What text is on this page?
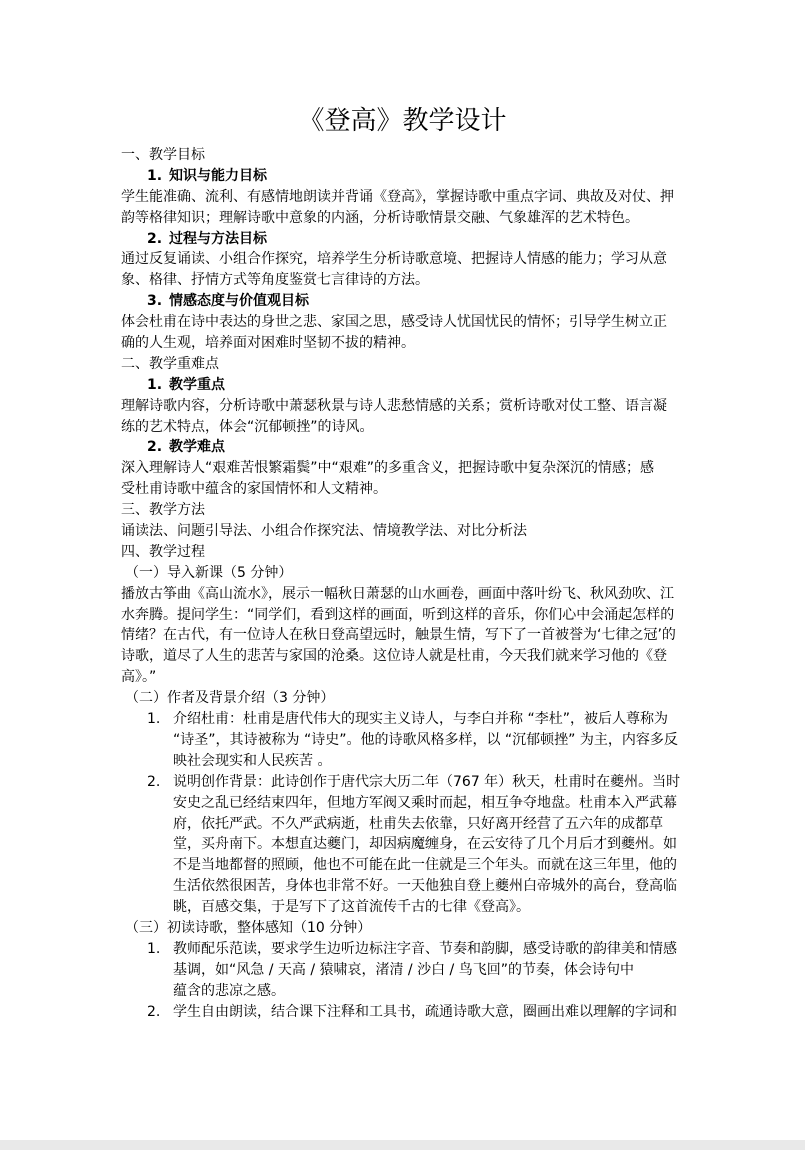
《登高》教学设计
一、教学目标
1. 知识与能力目标
学生能准确、流利、有感情地朗读并背诵《登高》，掌握诗歌中重点字词、典故及对仗、押
韵等格律知识；理解诗歌中意象的内涵，分析诗歌情景交融、气象雄浑的艺术特色。
2. 过程与方法目标
通过反复诵读、小组合作探究，培养学生分析诗歌意境、把握诗人情感的能力；学习从意
象、格律、抒情方式等角度鉴赏七言律诗的方法。
3. 情感态度与价值观目标
体会杜甫在诗中表达的身世之悲、家国之思，感受诗人忧国忧民的情怀；引导学生树立正
确的人生观，培养面对困难时坚韧不拔的精神。
二、教学重难点
1. 教学重点
理解诗歌内容，分析诗歌中萧瑟秋景与诗人悲愁情感的关系；赏析诗歌对仗工整、语言凝
练的艺术特点，体会“沉郁顿挫”的诗风。
2. 教学难点
深入理解诗人“艰难苦恨繁霜鬓”中“艰难”的多重含义，把握诗歌中复杂深沉的情感；感
受杜甫诗歌中蕴含的家国情怀和人文精神。
三、教学方法
诵读法、问题引导法、小组合作探究法、情境教学法、对比分析法
四、教学过程
（一）导入新课（5 分钟）
播放古筝曲《高山流水》，展示一幅秋日萧瑟的山水画卷，画面中落叶纷飞、秋风劲吹、江
水奔腾。提问学生：“同学们，看到这样的画面，听到这样的音乐，你们心中会涌起怎样的
情绪？在古代，有一位诗人在秋日登高望远时，触景生情，写下了一首被誉为‘七律之冠’的
诗歌，道尽了人生的悲苦与家国的沧桑。这位诗人就是杜甫，今天我们就来学习他的《登
高》。”
（二）作者及背景介绍（3 分钟）
1. 介绍杜甫：杜甫是唐代伟大的现实主义诗人，与李白并称 “李杜”，被后人尊称为
“诗圣”，其诗被称为 “诗史”。他的诗歌风格多样，以 “沉郁顿挫” 为主，内容多反
映社会现实和人民疾苦 。
2. 说明创作背景：此诗创作于唐代宗大历二年（767 年）秋天，杜甫时在夔州。当时
安史之乱已经结束四年，但地方军阀又乘时而起，相互争夺地盘。杜甫本入严武幕
府，依托严武。不久严武病逝，杜甫失去依靠，只好离开经营了五六年的成都草
堂，买舟南下。本想直达夔门，却因病魔缠身，在云安待了几个月后才到夔州。如
不是当地都督的照顾，他也不可能在此一住就是三个年头。而就在这三年里，他的
生活依然很困苦，身体也非常不好。一天他独自登上夔州白帝城外的高台，登高临
眺，百感交集，于是写下了这首流传千古的七律《登高》。
（三）初读诗歌，整体感知（10 分钟）
1. 教师配乐范读，要求学生边听边标注字音、节奏和韵脚，感受诗歌的韵律美和情感
基调，如“风急 / 天高 / 猿啸哀，渚清 / 沙白 / 鸟飞回”的节奏，体会诗句中
蕴含的悲凉之感。
2. 学生自由朗读，结合课下注释和工具书，疏通诗歌大意，圈画出难以理解的字词和
